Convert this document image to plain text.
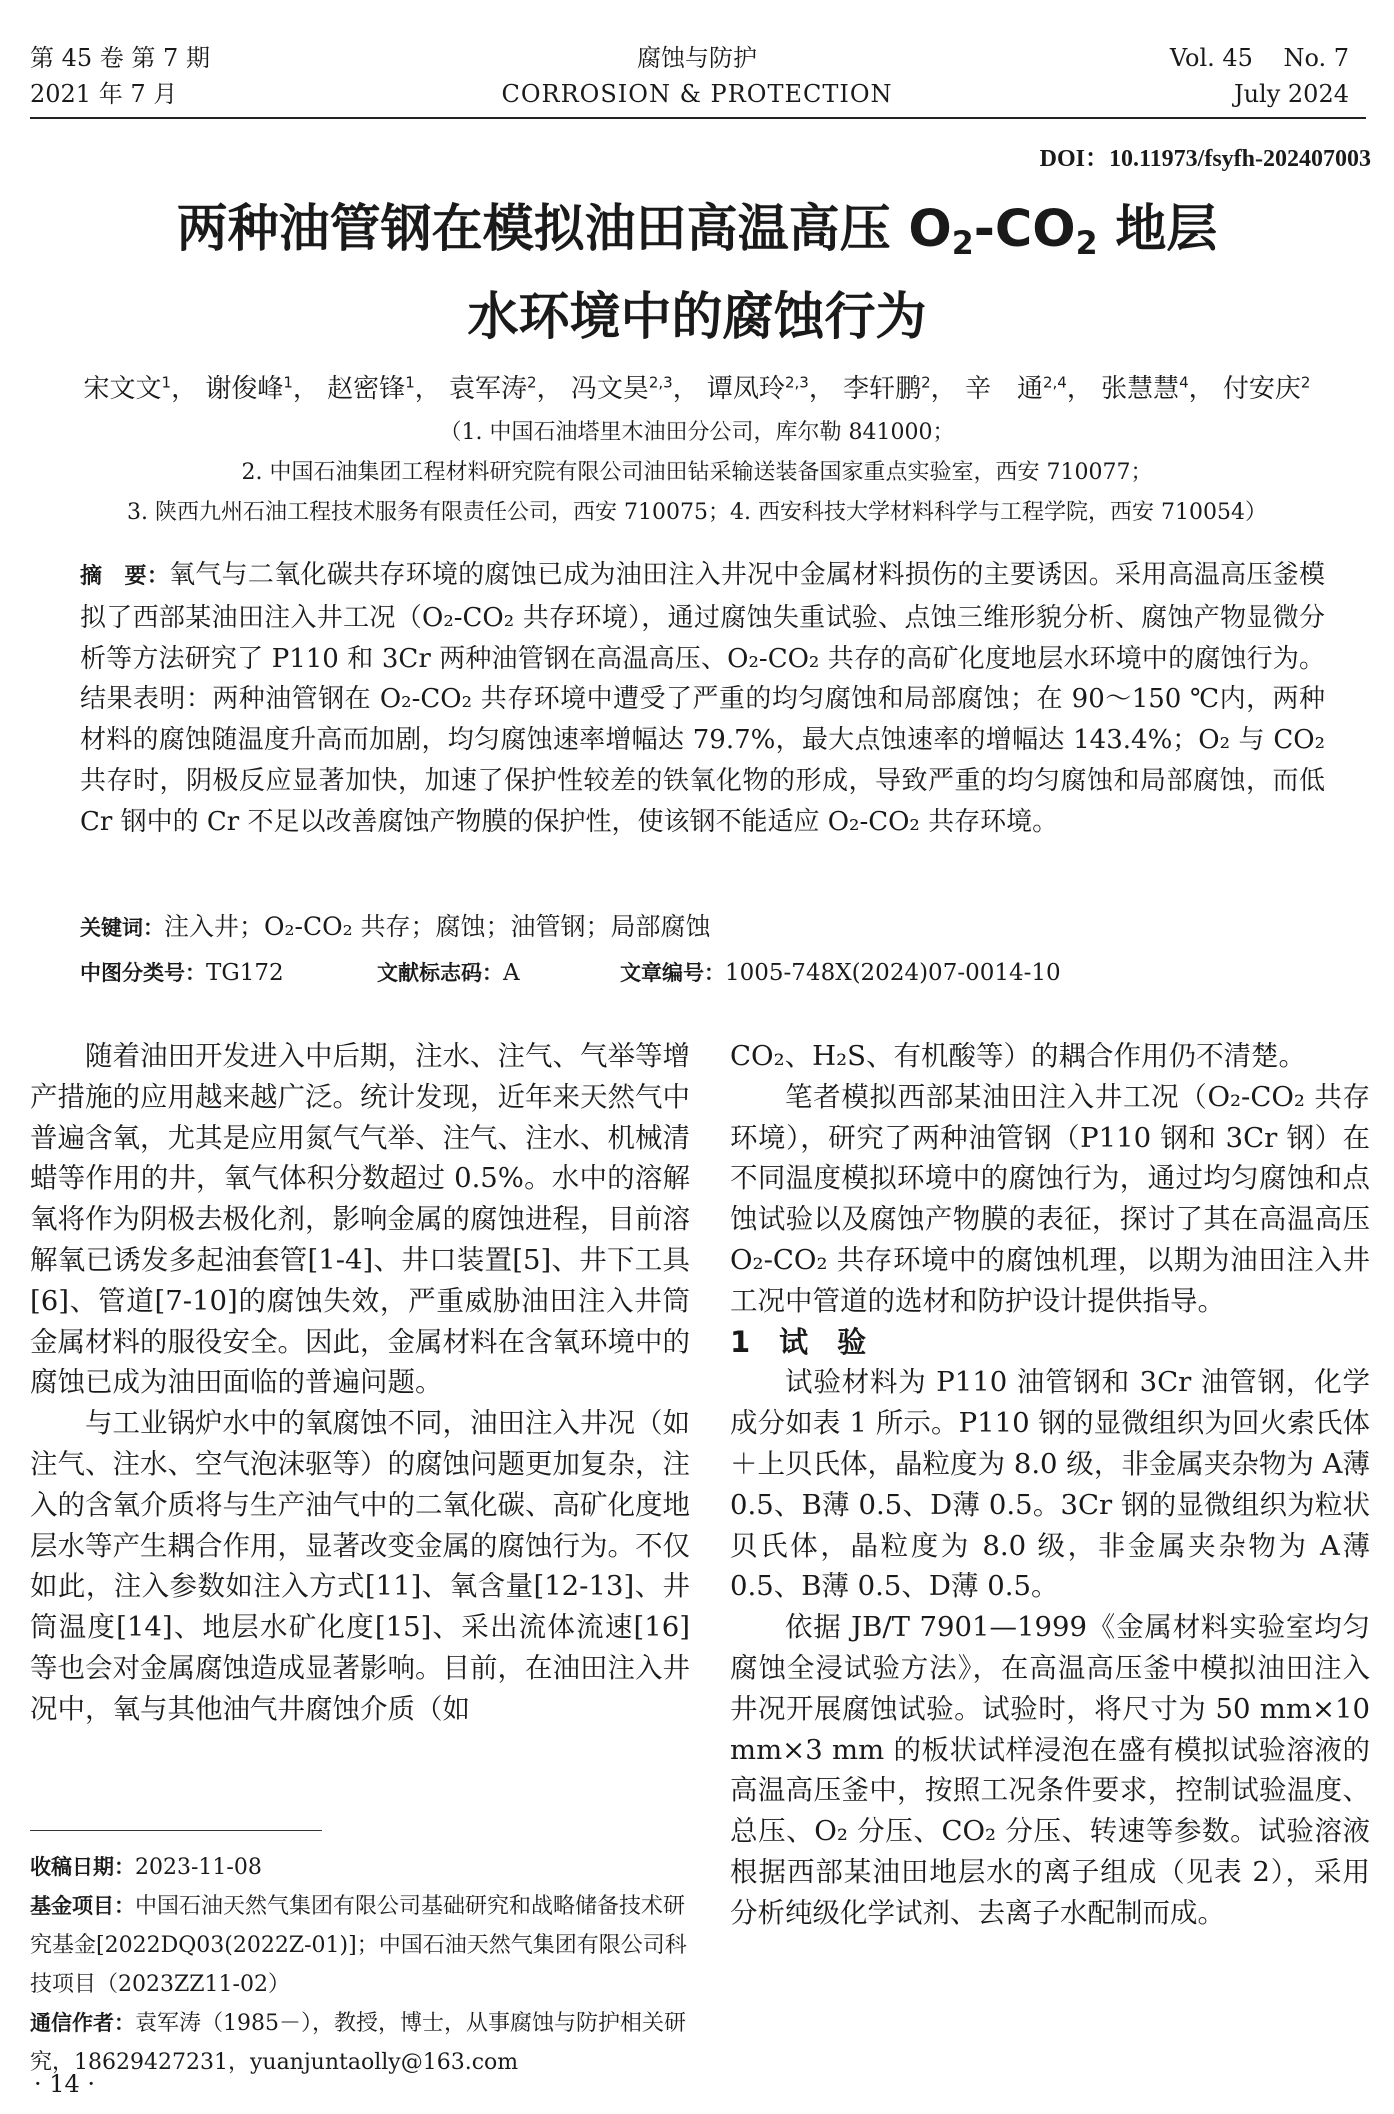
第 45 卷 第 7 期
2021 年 7 月
腐蚀与防护
CORROSION & PROTECTION
Vol. 45    No. 7
July 2024
DOI：10.11973/fsyfh-202407003
两种油管钢在模拟油田高温高压 $O_2-CO_2$ 地层
水环境中的腐蚀行为
宋文文$^1$， 谢俊峰$^1$， 赵密锋$^1$， 袁军涛$^2$， 冯文昊$^{2,3}$， 谭凤玲$^{2,3}$， 李轩鹏$^2$， 辛　通$^{2,4}$， 张慧慧$^4$， 付安庆$^2$
（1. 中国石油塔里木油田分公司，库尔勒 841000；
2. 中国石油集团工程材料研究院有限公司油田钻采输送装备国家重点实验室，西安 710077；
3. 陕西九州石油工程技术服务有限责任公司，西安 710075；4. 西安科技大学材料科学与工程学院，西安 710054）
摘　要：氧气与二氧化碳共存环境的腐蚀已成为油田注入井况中金属材料损伤的主要诱因。采用高温高压釜模拟了西部某油田注入井工况（O₂-CO₂ 共存环境），通过腐蚀失重试验、点蚀三维形貌分析、腐蚀产物显微分析等方法研究了 P110 和 3Cr 两种油管钢在高温高压、O₂-CO₂ 共存的高矿化度地层水环境中的腐蚀行为。结果表明：两种油管钢在 O₂-CO₂ 共存环境中遭受了严重的均匀腐蚀和局部腐蚀；在 90～150 ℃内，两种材料的腐蚀随温度升高而加剧，均匀腐蚀速率增幅达 79.7%，最大点蚀速率的增幅达 143.4%；O₂ 与 CO₂ 共存时，阴极反应显著加快，加速了保护性较差的铁氧化物的形成，导致严重的均匀腐蚀和局部腐蚀，而低 Cr 钢中的 Cr 不足以改善腐蚀产物膜的保护性，使该钢不能适应 O₂-CO₂ 共存环境。
关键词：注入井；O₂-CO₂ 共存；腐蚀；油管钢；局部腐蚀
中图分类号：TG172	文献标志码：A	文章编号：1005-748X(2024)07-0014-10

随着油田开发进入中后期，注水、注气、气举等增产措施的应用越来越广泛。统计发现，近年来天然气中普遍含氧，尤其是应用氮气气举、注气、注水、机械清蜡等作用的井，氧气体积分数超过 0.5%。水中的溶解氧将作为阴极去极化剂，影响金属的腐蚀进程，目前溶解氧已诱发多起油套管[1-4]、井口装置[5]、井下工具[6]、管道[7-10]的腐蚀失效，严重威胁油田注入井筒金属材料的服役安全。因此，金属材料在含氧环境中的腐蚀已成为油田面临的普遍问题。

与工业锅炉水中的氧腐蚀不同，油田注入井况（如注气、注水、空气泡沫驱等）的腐蚀问题更加复杂，注入的含氧介质将与生产油气中的二氧化碳、高矿化度地层水等产生耦合作用，显著改变金属的腐蚀行为。不仅如此，注入参数如注入方式[11]、氧含量[12-13]、井筒温度[14]、地层水矿化度[15]、采出流体流速[16]等也会对金属腐蚀造成显著影响。目前，在油田注入井况中，氧与其他油气井腐蚀介质（如

CO₂、H₂S、有机酸等）的耦合作用仍不清楚。

笔者模拟西部某油田注入井工况（O₂-CO₂ 共存环境），研究了两种油管钢（P110 钢和 3Cr 钢）在不同温度模拟环境中的腐蚀行为，通过均匀腐蚀和点蚀试验以及腐蚀产物膜的表征，探讨了其在高温高压 O₂-CO₂ 共存环境中的腐蚀机理，以期为油田注入井工况中管道的选材和防护设计提供指导。

1　试　验

试验材料为 P110 油管钢和 3Cr 油管钢，化学成分如表 1 所示。P110 钢的显微组织为回火索氏体＋上贝氏体，晶粒度为 8.0 级，非金属夹杂物为 A薄 0.5、B薄 0.5、D薄 0.5。3Cr 钢的显微组织为粒状贝氏体，晶粒度为 8.0 级，非金属夹杂物为 A薄 0.5、B薄 0.5、D薄 0.5。

依据 JB/T 7901—1999《金属材料实验室均匀腐蚀全浸试验方法》，在高温高压釜中模拟油田注入井况开展腐蚀试验。试验时，将尺寸为 50 mm×10 mm×3 mm 的板状试样浸泡在盛有模拟试验溶液的高温高压釜中，按照工况条件要求，控制试验温度、总压、O₂ 分压、CO₂ 分压、转速等参数。试验溶液根据西部某油田地层水的离子组成（见表 2），采用分析纯级化学试剂、去离子水配制而成。

收稿日期：2023-11-08

基金项目：中国石油天然气集团有限公司基础研究和战略储备技术研究基金[2022DQ03(2022Z-01)]；中国石油天然气集团有限公司科技项目（2023ZZ11-02）

通信作者：袁军涛（1985－），教授，博士，从事腐蚀与防护相关研究，18629427231，yuanjuntaolly@163.com

· 14 ·
